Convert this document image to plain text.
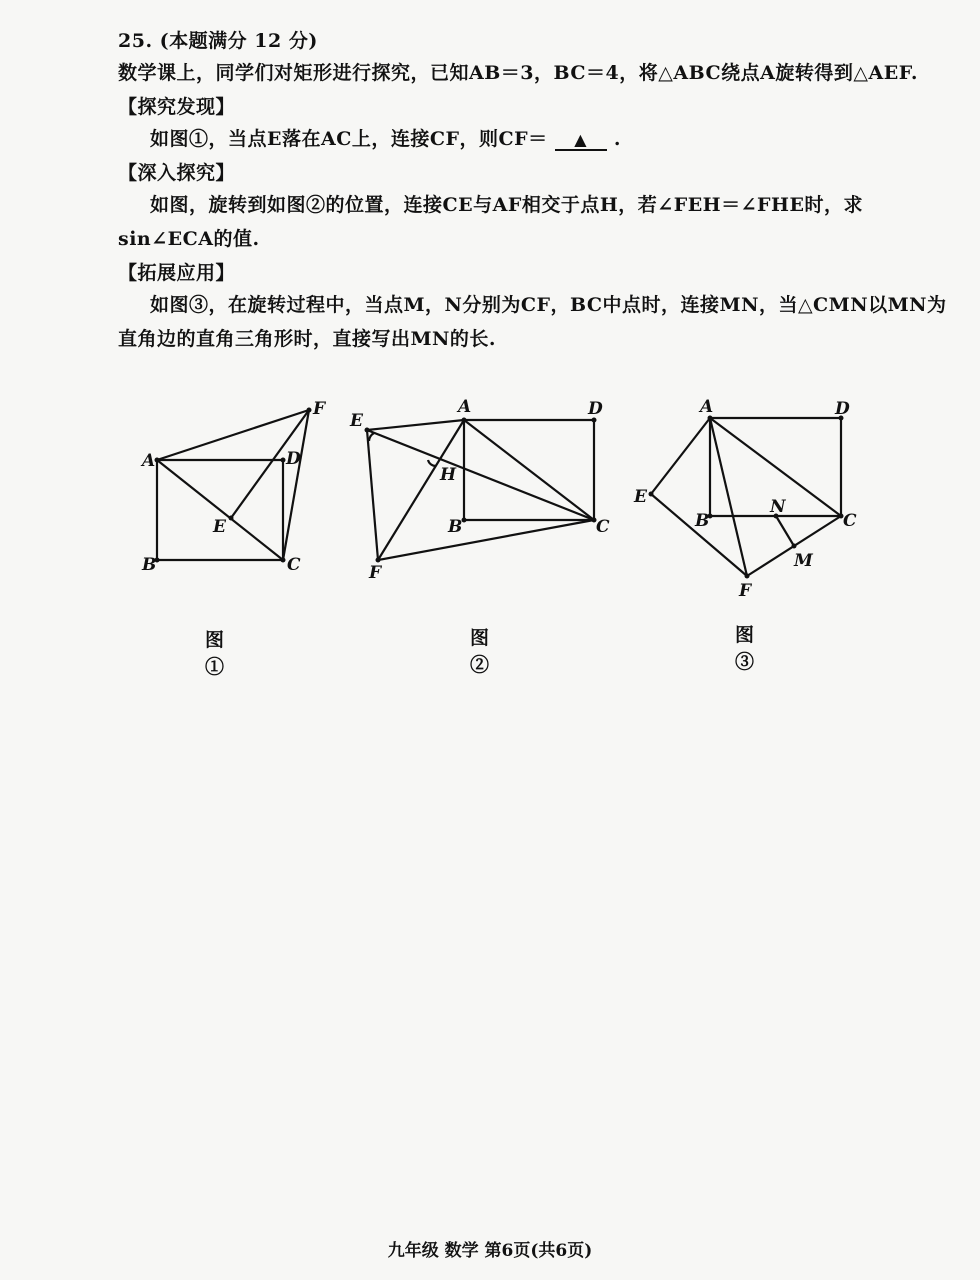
25. (本题满分 12 分)
数学课上，同学们对矩形进行探究，已知AB＝3，BC＝4，将△ABC绕点A旋转得到△AEF.
【探究发现】
如图①，当点E落在AC上，连接CF，则CF＝ ▲ .
【深入探究】
如图，旋转到如图②的位置，连接CE与AF相交于点H，若∠FEH＝∠FHE时，求
sin∠ECA的值.
【拓展应用】
如图③，在旋转过程中，当点M，N分别为CF，BC中点时，连接MN，当△CMN以MN为
直角边的直角三角形时，直接写出MN的长.
A
B	C
D
E
F
图①
A
B	C
D
E
F
H
图②
A
B	C
D
E
F
M
N
图③
九年级 数学 第6页(共6页)
